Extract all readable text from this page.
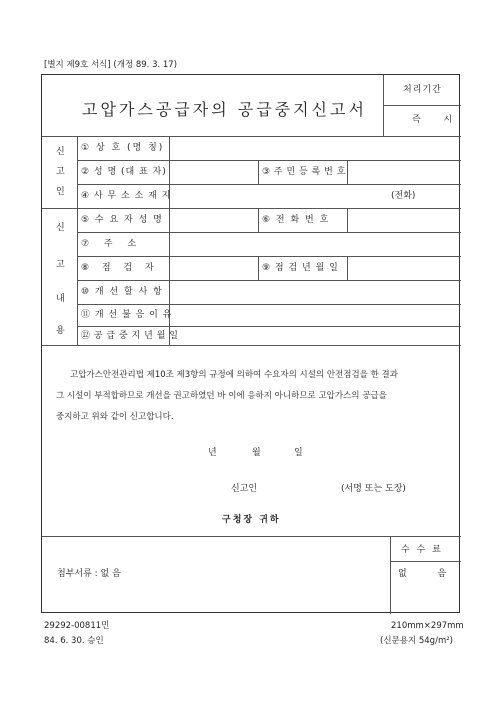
[별지 제9호 서식] (개정 89. 3. 17)
고압가스공급자의 공급중지신고서
처리기간
즉 시
신
고
인
① 상 호 (명 칭)
② 성 명 (대 표 자)	③ 주 민 등 록 번 호
④ 사 무 소 소 재 지	(전화)
신
고
내
용
⑤ 수 요 자 성 명	⑥ 전 화 번 호
⑦ 주 소
⑧ 점 검 자	⑨ 점 검 년 월 일
⑩ 개 선 할 사 항
⑪ 개 선 불 응 이 유
⑫ 공 급 중 지 년 월 일
고압가스안전관리법 제10조 제3항의 규정에 의하여 수요자의 시설의 안전점검을 한 결과
그 시설이 부적합하므로 개선을 권고하였던 바 이에 응하지 아니하므로 고압가스의 공급을
중지하고 위와 같이 신고합니다.
년	월	일
신고인	(서명 또는 도장)
구청장 귀하
수 수 료
없 음
첨부서류 : 없 음
29292-00811민
84. 6. 30. 승인
210mm×297mm
(신문용지 54g/m²)
